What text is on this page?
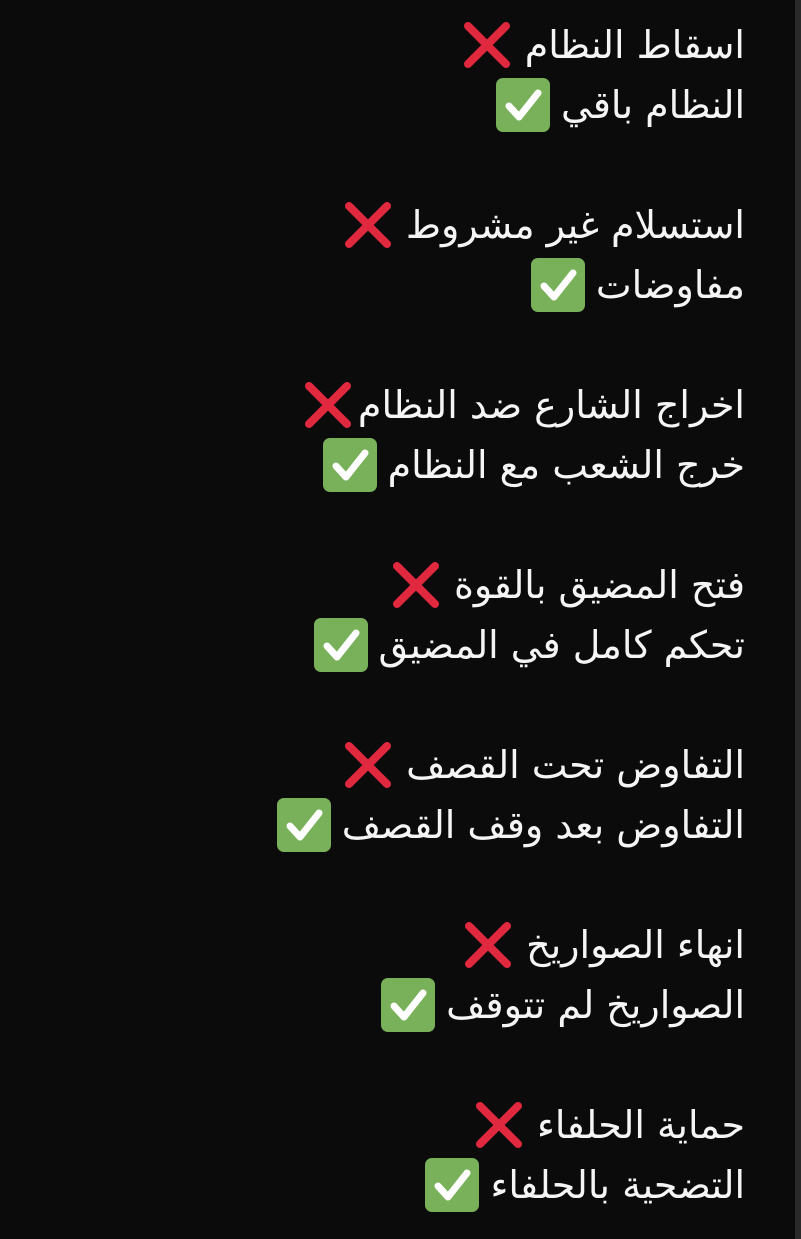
اسقاط النظام
النظام باقي
استسلام غير مشروط
مفاوضات
اخراج الشارع ضد النظام
خرج الشعب مع النظام
فتح المضيق بالقوة
تحكم كامل في المضيق
التفاوض تحت القصف
التفاوض بعد وقف القصف
انهاء الصواريخ
الصواريخ لم تتوقف
حماية الحلفاء
التضحية بالحلفاء
